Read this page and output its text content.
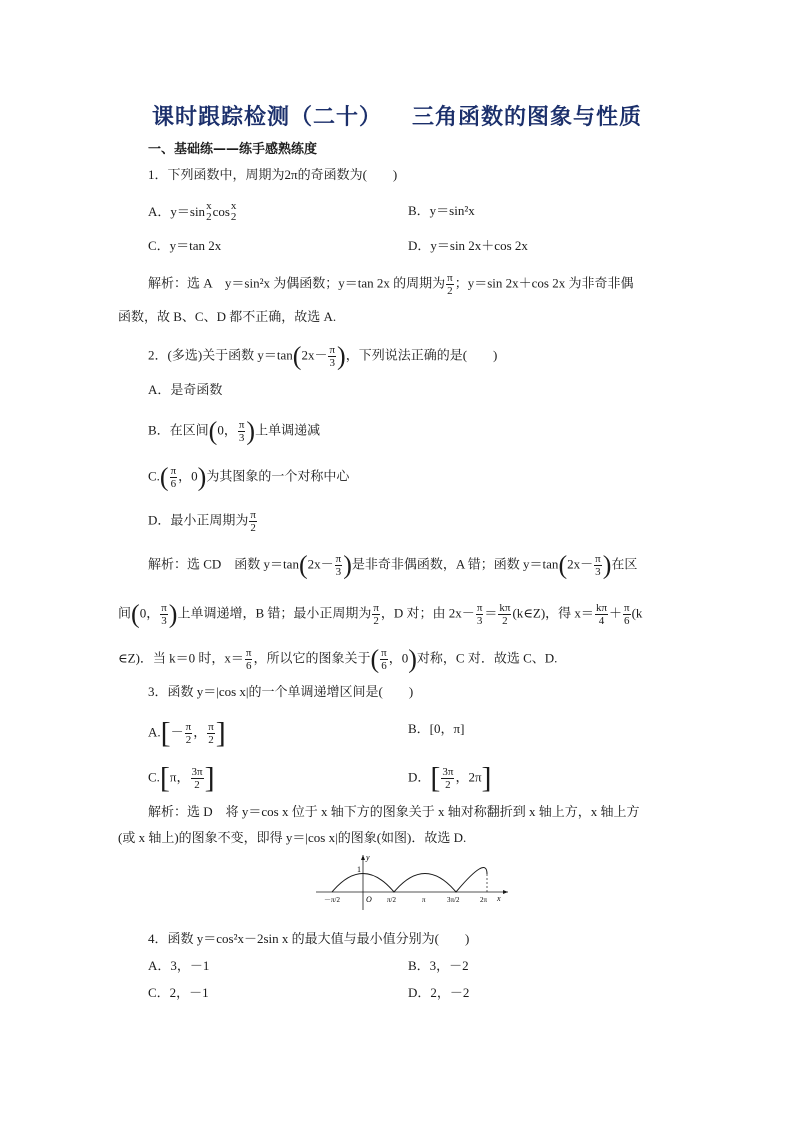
课时跟踪检测（二十） 三角函数的图象与性质
一、基础练——练手感熟练度
1．下列函数中，周期为2π的奇函数为(　　)
A．y＝sin x
2 cos x
2	B．y＝sin²x
C．y＝tan 2x	D．y＝sin 2x＋cos 2x
解析：选 A　y＝sin²x 为偶函数；y＝tan 2x 的周期为 $\frac{\pi}{2}$ ；y＝sin 2x＋cos 2x 为非奇非偶
函数，故 B、C、D 都不正确，故选 A.
2．(多选)关于函数 $y=\tan(2x- \frac{\pi}{3}$ )，下列说法正确的是(　　)
A．是奇函数
B．在区间(0， $\frac{\pi}{3}$ )上单调递减
$C.( \frac{\pi}{6}$ ，0)为其图象的一个对称中心
D．最小正周期为 $\frac{\pi}{2}$
解析：选 CD　函数 $y=\tan(2x- \frac{\pi}{3}$ )是非奇非偶函数，A 错；函数 $y=\tan(2x- \frac{\pi}{3}$ )在区
间(0， $\frac{\pi}{3}$ )上单调递增，B 错；最小正周期为 $\frac{\pi}{2}$ ，D 对；由 $2x- \frac{\pi}{3} = \frac{k\pi}{2}$ (k∈Z)，得 $x= \frac{k\pi}{4} + \frac{\pi}{6} (k$
∈Z)．当 k＝0 时，$x= \frac{\pi}{6}$ ，所以它的图象关于( $\frac{\pi}{6}$ ，0)对称，C 对．故选 C、D.
3．函数 y＝|cos x|的一个单调递增区间是(　　)
$A.[- \frac{\pi}{2}$ ， $\frac{\pi}{2}$ ]	B．[0，π]
C.[π， $\frac{3\pi}{2}$ ]	D．[ $\frac{3\pi}{2}$ ，2π]
解析：选 D　将 y＝cos x 位于 x 轴下方的图象关于 x 轴对称翻折到 x 轴上方，x 轴上方
(或 x 轴上)的图象不变，即得 y＝|cos x|的图象(如图)．故选 D.
y
x
1
O
－π/2	π/2	π	3π/2	2π
4．函数 y＝cos²x－2sin x 的最大值与最小值分别为(　　)
A．3，－1	B．3，－2
C．2，－1	D．2，－2
